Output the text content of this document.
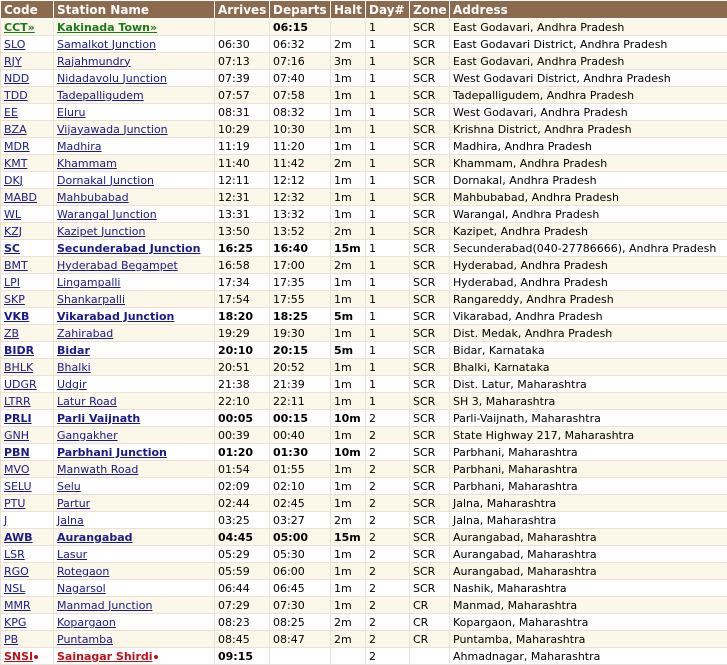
Code	Station Name	Arrives	Departs	Halt	Day#	Zone	Address
CCT»	Kakinada Town»		06:15		1	SCR	East Godavari, Andhra Pradesh
SLO	Samalkot Junction	06:30	06:32	2m	1	SCR	East Godavari District, Andhra Pradesh
RJY	Rajahmundry	07:13	07:16	3m	1	SCR	East Godavari, Andhra Pradesh
NDD	Nidadavolu Junction	07:39	07:40	1m	1	SCR	West Godavari District, Andhra Pradesh
TDD	Tadepalligudem	07:57	07:58	1m	1	SCR	Tadepalligudem, Andhra Pradesh
EE	Eluru	08:31	08:32	1m	1	SCR	West Godavari, Andhra Pradesh
BZA	Vijayawada Junction	10:29	10:30	1m	1	SCR	Krishna District, Andhra Pradesh
MDR	Madhira	11:19	11:20	1m	1	SCR	Madhira, Andhra Pradesh
KMT	Khammam	11:40	11:42	2m	1	SCR	Khammam, Andhra Pradesh
DKJ	Dornakal Junction	12:11	12:12	1m	1	SCR	Dornakal, Andhra Pradesh
MABD	Mahbubabad	12:31	12:32	1m	1	SCR	Mahbubabad, Andhra Pradesh
WL	Warangal Junction	13:31	13:32	1m	1	SCR	Warangal, Andhra Pradesh
KZJ	Kazipet Junction	13:50	13:52	2m	1	SCR	Kazipet, Andhra Pradesh
SC	Secunderabad Junction	16:25	16:40	15m	1	SCR	Secunderabad(040-27786666), Andhra Pradesh
BMT	Hyderabad Begampet	16:58	17:00	2m	1	SCR	Hyderabad, Andhra Pradesh
LPI	Lingampalli	17:34	17:35	1m	1	SCR	Hyderabad, Andhra Pradesh
SKP	Shankarpalli	17:54	17:55	1m	1	SCR	Rangareddy, Andhra Pradesh
VKB	Vikarabad Junction	18:20	18:25	5m	1	SCR	Vikarabad, Andhra Pradesh
ZB	Zahirabad	19:29	19:30	1m	1	SCR	Dist. Medak, Andhra Pradesh
BIDR	Bidar	20:10	20:15	5m	1	SCR	Bidar, Karnataka
BHLK	Bhalki	20:51	20:52	1m	1	SCR	Bhalki, Karnataka
UDGR	Udgir	21:38	21:39	1m	1	SCR	Dist. Latur, Maharashtra
LTRR	Latur Road	22:10	22:11	1m	1	SCR	SH 3, Maharashtra
PRLI	Parli Vaijnath	00:05	00:15	10m	2	SCR	Parli-Vaijnath, Maharashtra
GNH	Gangakher	00:39	00:40	1m	2	SCR	State Highway 217, Maharashtra
PBN	Parbhani Junction	01:20	01:30	10m	2	SCR	Parbhani, Maharashtra
MVO	Manwath Road	01:54	01:55	1m	2	SCR	Parbhani, Maharashtra
SELU	Selu	02:09	02:10	1m	2	SCR	Parbhani, Maharashtra
PTU	Partur	02:44	02:45	1m	2	SCR	Jalna, Maharashtra
J	Jalna	03:25	03:27	2m	2	SCR	Jalna, Maharashtra
AWB	Aurangabad	04:45	05:00	15m	2	SCR	Aurangabad, Maharashtra
LSR	Lasur	05:29	05:30	1m	2	SCR	Aurangabad, Maharashtra
RGO	Rotegaon	05:59	06:00	1m	2	SCR	Aurangabad, Maharashtra
NSL	Nagarsol	06:44	06:45	1m	2	SCR	Nashik, Maharashtra
MMR	Manmad Junction	07:29	07:30	1m	2	CR	Manmad, Maharashtra
KPG	Kopargaon	08:23	08:25	2m	2	CR	Kopargaon, Maharashtra
PB	Puntamba	08:45	08:47	2m	2	CR	Puntamba, Maharashtra
SNSI	Sainagar Shirdi	09:15			2		Ahmadnagar, Maharashtra
